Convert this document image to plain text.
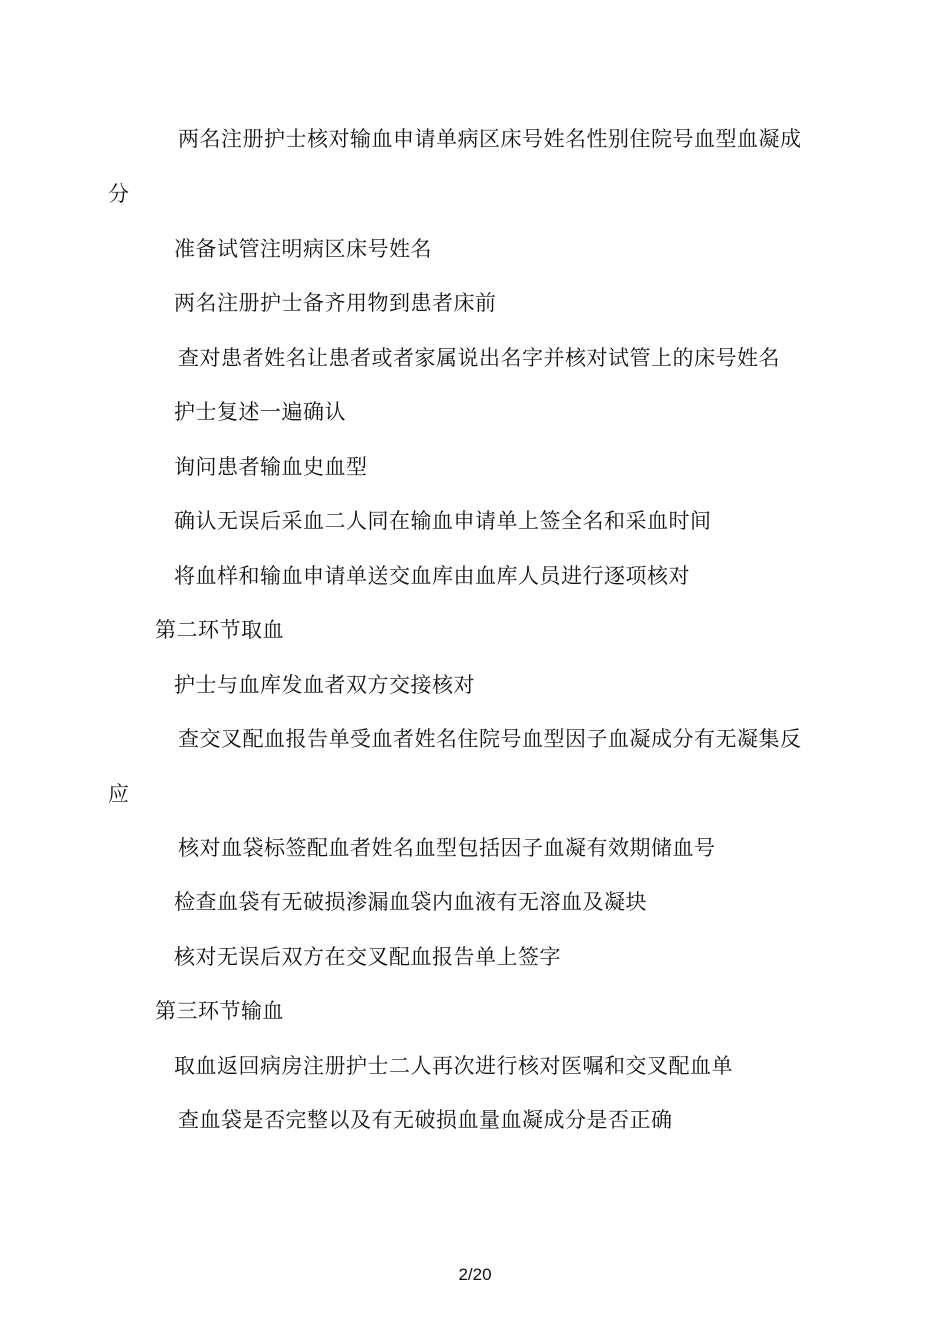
两名注册护士核对输血申请单病区床号姓名性别住院号血型血凝成
分
准备试管注明病区床号姓名
两名注册护士备齐用物到患者床前
查对患者姓名让患者或者家属说出名字并核对试管上的床号姓名
护士复述一遍确认
询问患者输血史血型
确认无误后采血二人同在输血申请单上签全名和采血时间
将血样和输血申请单送交血库由血库人员进行逐项核对
第二环节取血
护士与血库发血者双方交接核对
查交叉配血报告单受血者姓名住院号血型因子血凝成分有无凝集反
应
核对血袋标签配血者姓名血型包括因子血凝有效期储血号
检查血袋有无破损渗漏血袋内血液有无溶血及凝块
核对无误后双方在交叉配血报告单上签字
第三环节输血
取血返回病房注册护士二人再次进行核对医嘱和交叉配血单
查血袋是否完整以及有无破损血量血凝成分是否正确
2/20
